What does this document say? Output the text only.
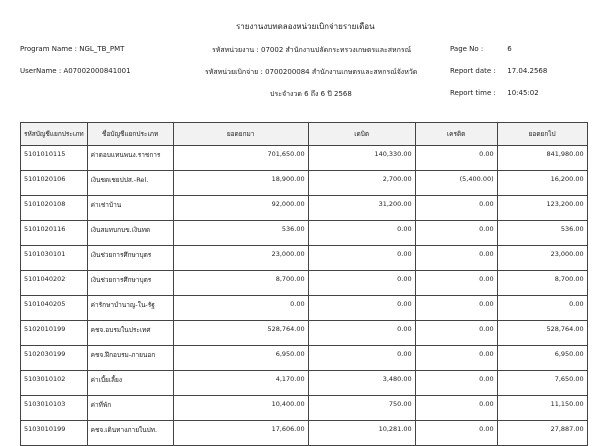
รายงานงบทดลองหน่วยเบิกจ่ายรายเดือน
Program Name : NGL_TB_PMT
UserName : A07002000841001
รหัสหน่วยงาน : 07002 สำนักงานปลัดกระทรวงเกษตรและสหกรณ์
รหัสหน่วยเบิกจ่าย : 0700200084 สำนักงานเกษตรและสหกรณ์จังหวัด
ประจำงวด 6 ถึง 6 ปี 2568
Page No :	6
Report date : 17.04.2568
Report time : 10:45:02
รหัสบัญชีแยกประเภท	ชื่อบัญชีแยกประเภท	ยอดยกมา	เดบิต	เครดิต	ยอดยกไป
5101010115	ค่าตอบแทนพนง.ราชการ	701,650.00	140,330.00	0.00	841,980.00
5101020106	เงินชดเชยปปส.-Rel.	18,900.00	2,700.00	(5,400.00)	16,200.00
5101020108	ค่าเช่าบ้าน	92,000.00	31,200.00	0.00	123,200.00
5101020116	เงินสมทบกบข.เงินทด	536.00	0.00	0.00	536.00
5101030101	เงินช่วยการศึกษาบุตร	23,000.00	0.00	0.00	23,000.00
5101040202	เงินช่วยการศึกษาบุตร	8,700.00	0.00	0.00	8,700.00
5101040205	ค่ารักษาบำนาญ-ใน-รัฐ	0.00	0.00	0.00	0.00
5102010199	คชจ.อบรมในประเทศ	528,764.00	0.00	0.00	528,764.00
5102030199	คชจ.ฝึกอบรม-ภายนอก	6,950.00	0.00	0.00	6,950.00
5103010102	ค่าเบี้ยเลี้ยง	4,170.00	3,480.00	0.00	7,650.00
5103010103	ค่าที่พัก	10,400.00	750.00	0.00	11,150.00
5103010199	คชจ.เดินทางภายในปท.	17,606.00	10,281.00	0.00	27,887.00
